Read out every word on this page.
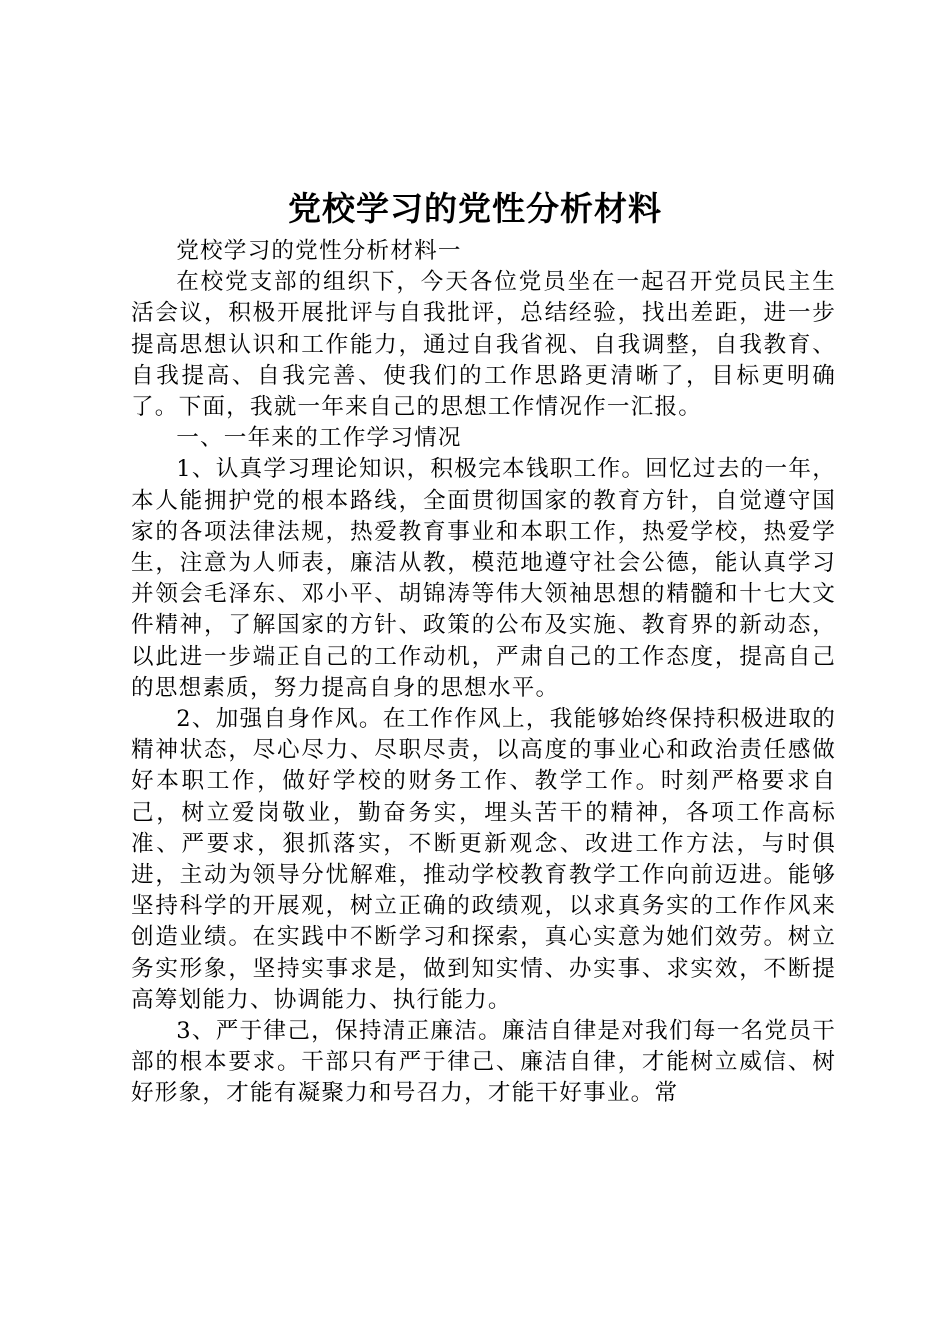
党校学习的党性分析材料

党校学习的党性分析材料一

在校党支部的组织下，今天各位党员坐在一起召开党员民主生活会议，积极开展批评与自我批评，总结经验，找出差距，进一步提高思想认识和工作能力，通过自我省视、自我调整，自我教育、自我提高、自我完善、使我们的工作思路更清晰了，目标更明确了。下面，我就一年来自己的思想工作情况作一汇报。

一、一年来的工作学习情况

1、认真学习理论知识，积极完本钱职工作。回忆过去的一年，本人能拥护党的根本路线，全面贯彻国家的教育方针，自觉遵守国家的各项法律法规，热爱教育事业和本职工作，热爱学校，热爱学生，注意为人师表，廉洁从教，模范地遵守社会公德，能认真学习并领会毛泽东、邓小平、胡锦涛等伟大领袖思想的精髓和十七大文件精神，了解国家的方针、政策的公布及实施、教育界的新动态，以此进一步端正自己的工作动机，严肃自己的工作态度，提高自己的思想素质，努力提高自身的思想水平。

2、加强自身作风。在工作作风上，我能够始终保持积极进取的精神状态，尽心尽力、尽职尽责，以高度的事业心和政治责任感做好本职工作，做好学校的财务工作、教学工作。时刻严格要求自己，树立爱岗敬业，勤奋务实，埋头苦干的精神，各项工作高标准、严要求，狠抓落实，不断更新观念、改进工作方法，与时俱进，主动为领导分忧解难，推动学校教育教学工作向前迈进。能够坚持科学的开展观，树立正确的政绩观，以求真务实的工作作风来创造业绩。在实践中不断学习和探索，真心实意为她们效劳。树立务实形象，坚持实事求是，做到知实情、办实事、求实效，不断提高筹划能力、协调能力、执行能力。

3、严于律己，保持清正廉洁。廉洁自律是对我们每一名党员干部的根本要求。干部只有严于律己、廉洁自律，才能树立威信、树好形象，才能有凝聚力和号召力，才能干好事业。常
